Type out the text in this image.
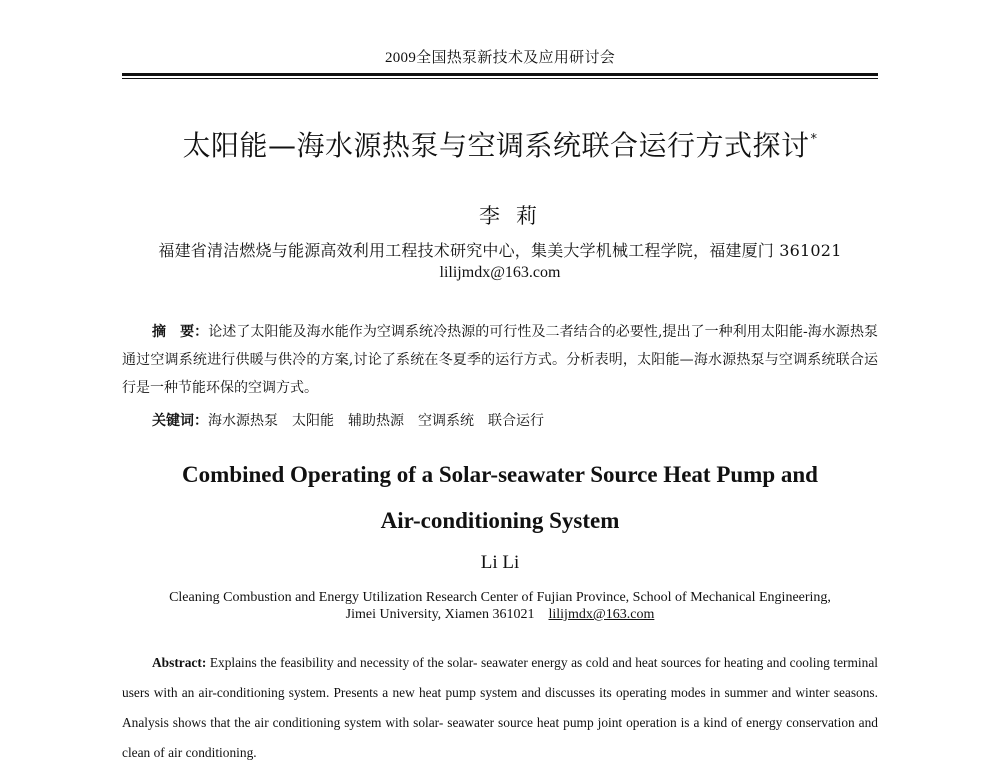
2009全国热泵新技术及应用研讨会
太阳能—海水源热泵与空调系统联合运行方式探讨*
李莉
福建省清洁燃烧与能源高效利用工程技术研究中心，集美大学机械工程学院，福建厦门 361021
lilijmdx@163.com
摘　要：论述了太阳能及海水能作为空调系统冷热源的可行性及二者结合的必要性,提出了一种利用太阳能-海水源热泵通过空调系统进行供暖与供冷的方案,讨论了系统在冬夏季的运行方式。分析表明，太阳能—海水源热泵与空调系统联合运行是一种节能环保的空调方式。
关键词：海水源热泵 太阳能 辅助热源 空调系统 联合运行
Combined Operating of a Solar-seawater Source Heat Pump and
Air-conditioning System
Li Li
Cleaning Combustion and Energy Utilization Research Center of Fujian Province, School of Mechanical Engineering,
Jimei University, Xiamen 361021 lilijmdx@163.com
Abstract: Explains the feasibility and necessity of the solar- seawater energy as cold and heat sources for heating and cooling terminal users with an air-conditioning system. Presents a new heat pump system and discusses its operating modes in summer and winter seasons. Analysis shows that the air conditioning system with solar- seawater source heat pump joint operation is a kind of energy conservation and clean of air conditioning.
